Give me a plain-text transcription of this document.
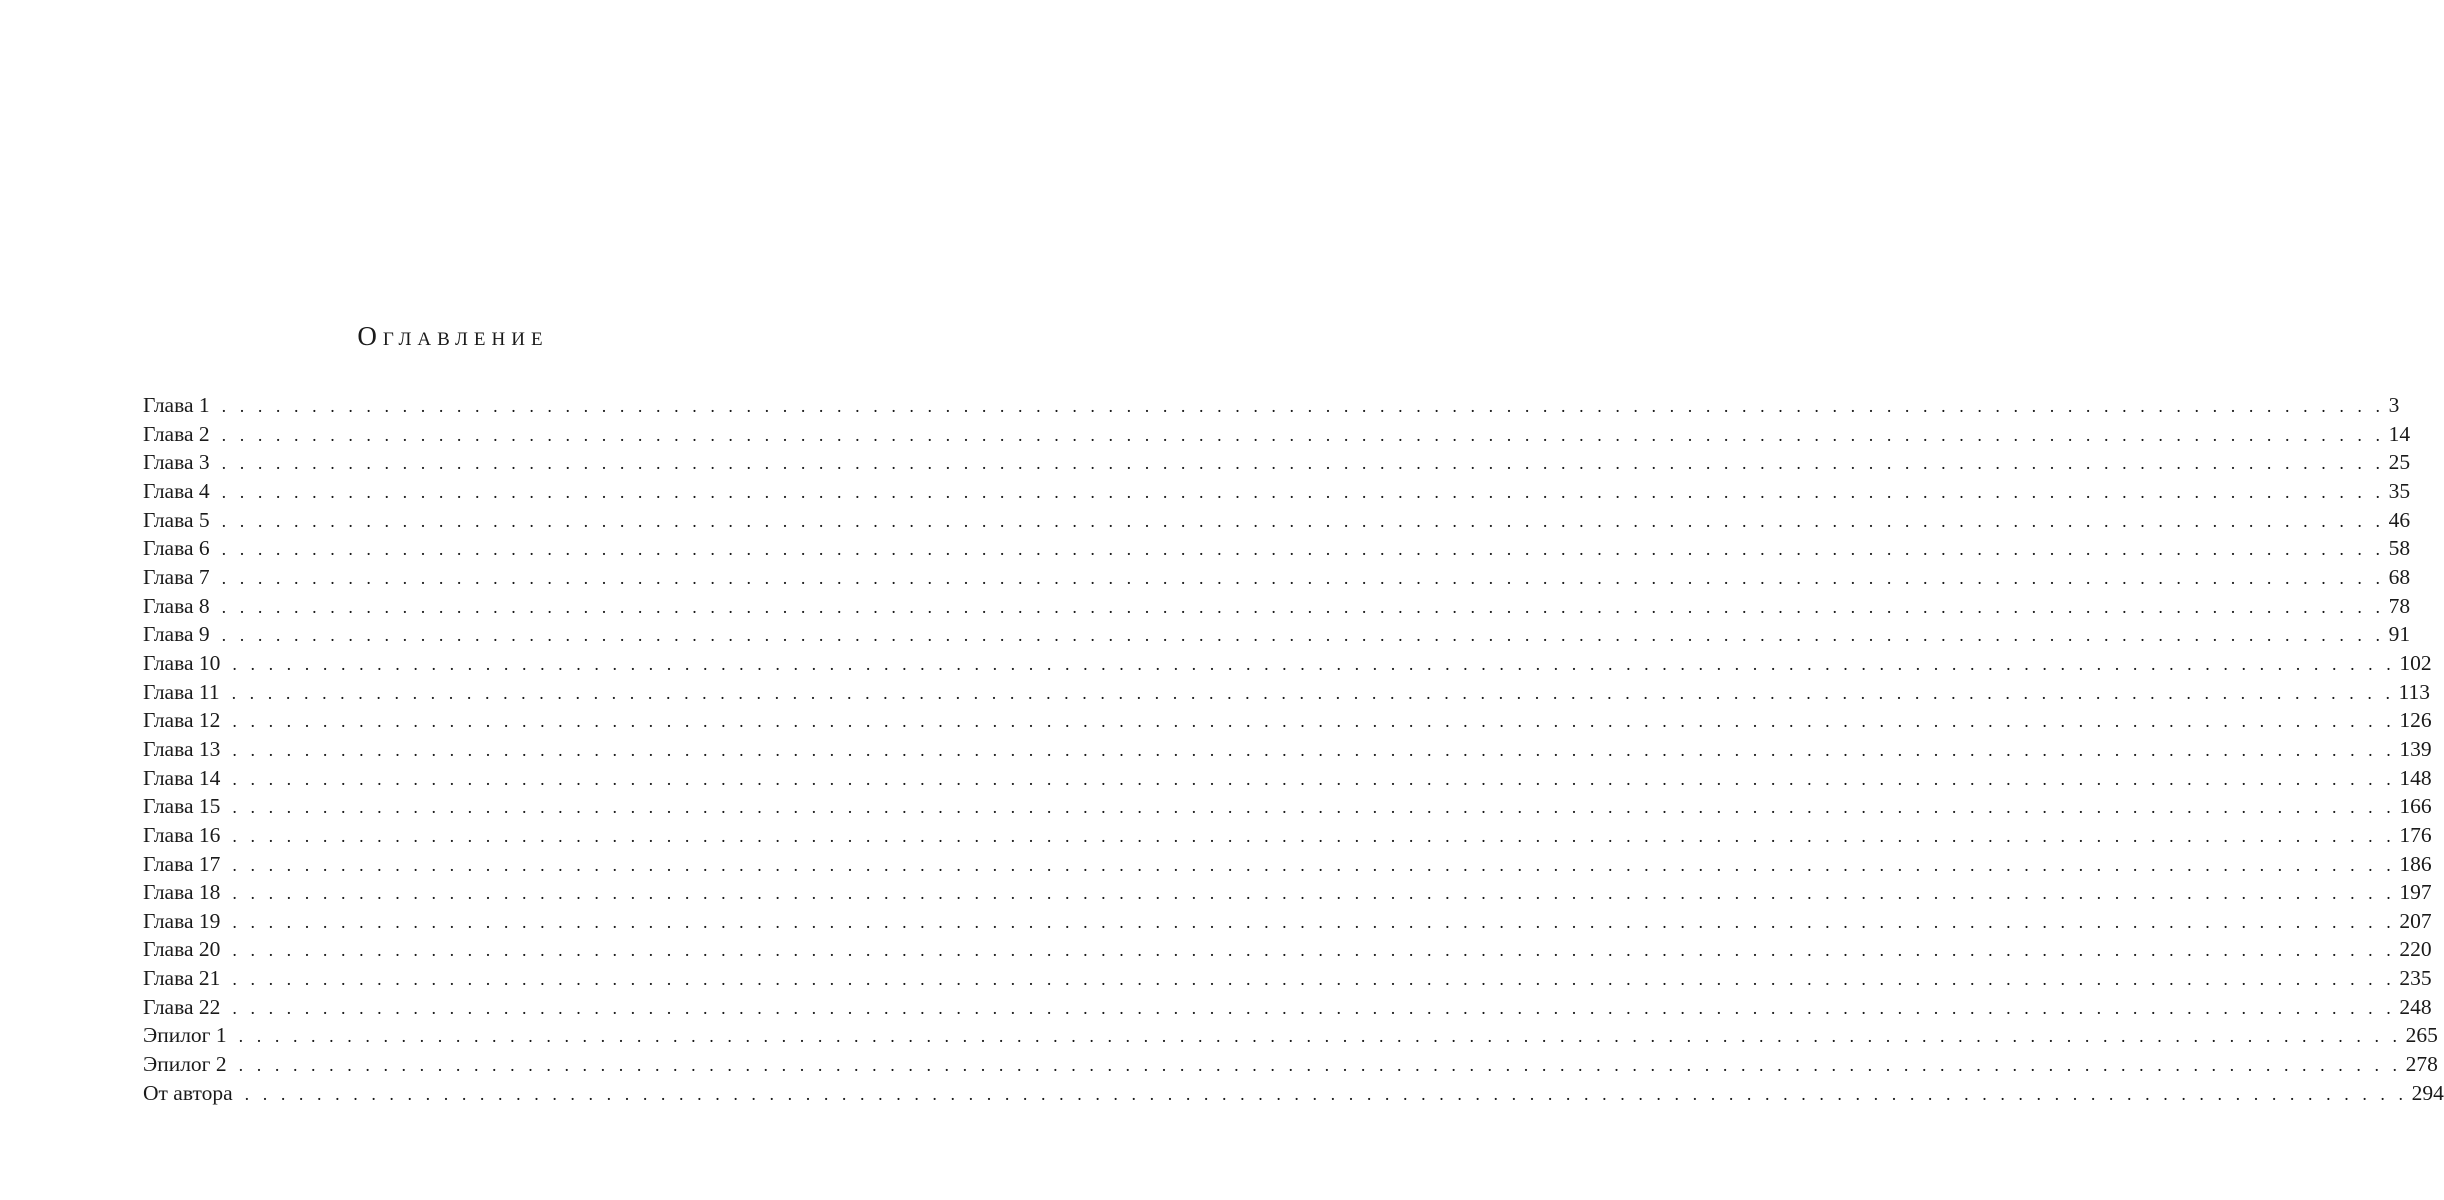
Оглавление
Глава 1 . . . . . . . . . . . . . . . . . . . . . . . . . . . . . . . . . . . . . . . . . . . . . . . . . . . . . . . . . . . . . . . . . . . . . . . . . . . . . . . . . . . . . . . . . . . . . . . . . . . . . . . . . . . . . . . . . . . . . . . . 3
Глава 2 . . . . . . . . . . . . . . . . . . . . . . . . . . . . . . . . . . . . . . . . . . . . . . . . . . . . . . . . . . . . . . . . . . . . . . . . . . . . . . . . . . . . . . . . . . . . . . . . . . . . . . . . . . . . . . . . . . . . . . . . 14
Глава 3 . . . . . . . . . . . . . . . . . . . . . . . . . . . . . . . . . . . . . . . . . . . . . . . . . . . . . . . . . . . . . . . . . . . . . . . . . . . . . . . . . . . . . . . . . . . . . . . . . . . . . . . . . . . . . . . . . . . . . . . . 25
Глава 4 . . . . . . . . . . . . . . . . . . . . . . . . . . . . . . . . . . . . . . . . . . . . . . . . . . . . . . . . . . . . . . . . . . . . . . . . . . . . . . . . . . . . . . . . . . . . . . . . . . . . . . . . . . . . . . . . . . . . . . . . 35
Глава 5 . . . . . . . . . . . . . . . . . . . . . . . . . . . . . . . . . . . . . . . . . . . . . . . . . . . . . . . . . . . . . . . . . . . . . . . . . . . . . . . . . . . . . . . . . . . . . . . . . . . . . . . . . . . . . . . . . . . . . . . . 46
Глава 6 . . . . . . . . . . . . . . . . . . . . . . . . . . . . . . . . . . . . . . . . . . . . . . . . . . . . . . . . . . . . . . . . . . . . . . . . . . . . . . . . . . . . . . . . . . . . . . . . . . . . . . . . . . . . . . . . . . . . . . . . 58
Глава 7 . . . . . . . . . . . . . . . . . . . . . . . . . . . . . . . . . . . . . . . . . . . . . . . . . . . . . . . . . . . . . . . . . . . . . . . . . . . . . . . . . . . . . . . . . . . . . . . . . . . . . . . . . . . . . . . . . . . . . . . . 68
Глава 8 . . . . . . . . . . . . . . . . . . . . . . . . . . . . . . . . . . . . . . . . . . . . . . . . . . . . . . . . . . . . . . . . . . . . . . . . . . . . . . . . . . . . . . . . . . . . . . . . . . . . . . . . . . . . . . . . . . . . . . . . 78
Глава 9 . . . . . . . . . . . . . . . . . . . . . . . . . . . . . . . . . . . . . . . . . . . . . . . . . . . . . . . . . . . . . . . . . . . . . . . . . . . . . . . . . . . . . . . . . . . . . . . . . . . . . . . . . . . . . . . . . . . . . . . . 91
Глава 10 . . . . . . . . . . . . . . . . . . . . . . . . . . . . . . . . . . . . . . . . . . . . . . . . . . . . . . . . . . . . . . . . . . . . . . . . . . . . . . . . . . . . . . . . . . . . . . . . . . . . . . . . . . . . . . . . . . . . . . . . 102
Глава 11 . . . . . . . . . . . . . . . . . . . . . . . . . . . . . . . . . . . . . . . . . . . . . . . . . . . . . . . . . . . . . . . . . . . . . . . . . . . . . . . . . . . . . . . . . . . . . . . . . . . . . . . . . . . . . . . . . . . . . . . . 113
Глава 12 . . . . . . . . . . . . . . . . . . . . . . . . . . . . . . . . . . . . . . . . . . . . . . . . . . . . . . . . . . . . . . . . . . . . . . . . . . . . . . . . . . . . . . . . . . . . . . . . . . . . . . . . . . . . . . . . . . . . . . . . 126
Глава 13 . . . . . . . . . . . . . . . . . . . . . . . . . . . . . . . . . . . . . . . . . . . . . . . . . . . . . . . . . . . . . . . . . . . . . . . . . . . . . . . . . . . . . . . . . . . . . . . . . . . . . . . . . . . . . . . . . . . . . . . . 139
Глава 14 . . . . . . . . . . . . . . . . . . . . . . . . . . . . . . . . . . . . . . . . . . . . . . . . . . . . . . . . . . . . . . . . . . . . . . . . . . . . . . . . . . . . . . . . . . . . . . . . . . . . . . . . . . . . . . . . . . . . . . . . 148
Глава 15 . . . . . . . . . . . . . . . . . . . . . . . . . . . . . . . . . . . . . . . . . . . . . . . . . . . . . . . . . . . . . . . . . . . . . . . . . . . . . . . . . . . . . . . . . . . . . . . . . . . . . . . . . . . . . . . . . . . . . . . . 166
Глава 16 . . . . . . . . . . . . . . . . . . . . . . . . . . . . . . . . . . . . . . . . . . . . . . . . . . . . . . . . . . . . . . . . . . . . . . . . . . . . . . . . . . . . . . . . . . . . . . . . . . . . . . . . . . . . . . . . . . . . . . . . 176
Глава 17 . . . . . . . . . . . . . . . . . . . . . . . . . . . . . . . . . . . . . . . . . . . . . . . . . . . . . . . . . . . . . . . . . . . . . . . . . . . . . . . . . . . . . . . . . . . . . . . . . . . . . . . . . . . . . . . . . . . . . . . . 186
Глава 18 . . . . . . . . . . . . . . . . . . . . . . . . . . . . . . . . . . . . . . . . . . . . . . . . . . . . . . . . . . . . . . . . . . . . . . . . . . . . . . . . . . . . . . . . . . . . . . . . . . . . . . . . . . . . . . . . . . . . . . . . 197
Глава 19 . . . . . . . . . . . . . . . . . . . . . . . . . . . . . . . . . . . . . . . . . . . . . . . . . . . . . . . . . . . . . . . . . . . . . . . . . . . . . . . . . . . . . . . . . . . . . . . . . . . . . . . . . . . . . . . . . . . . . . . . 207
Глава 20 . . . . . . . . . . . . . . . . . . . . . . . . . . . . . . . . . . . . . . . . . . . . . . . . . . . . . . . . . . . . . . . . . . . . . . . . . . . . . . . . . . . . . . . . . . . . . . . . . . . . . . . . . . . . . . . . . . . . . . . . 220
Глава 21 . . . . . . . . . . . . . . . . . . . . . . . . . . . . . . . . . . . . . . . . . . . . . . . . . . . . . . . . . . . . . . . . . . . . . . . . . . . . . . . . . . . . . . . . . . . . . . . . . . . . . . . . . . . . . . . . . . . . . . . . 235
Глава 22 . . . . . . . . . . . . . . . . . . . . . . . . . . . . . . . . . . . . . . . . . . . . . . . . . . . . . . . . . . . . . . . . . . . . . . . . . . . . . . . . . . . . . . . . . . . . . . . . . . . . . . . . . . . . . . . . . . . . . . . . 248
Эпилог 1 . . . . . . . . . . . . . . . . . . . . . . . . . . . . . . . . . . . . . . . . . . . . . . . . . . . . . . . . . . . . . . . . . . . . . . . . . . . . . . . . . . . . . . . . . . . . . . . . . . . . . . . . . . . . . . . . . . . . . . . . 265
Эпилог 2 . . . . . . . . . . . . . . . . . . . . . . . . . . . . . . . . . . . . . . . . . . . . . . . . . . . . . . . . . . . . . . . . . . . . . . . . . . . . . . . . . . . . . . . . . . . . . . . . . . . . . . . . . . . . . . . . . . . . . . . . 278
От автора . . . . . . . . . . . . . . . . . . . . . . . . . . . . . . . . . . . . . . . . . . . . . . . . . . . . . . . . . . . . . . . . . . . . . . . . . . . . . . . . . . . . . . . . . . . . . . . . . . . . . . . . . . . . . . . . . . . . . . . . 294
